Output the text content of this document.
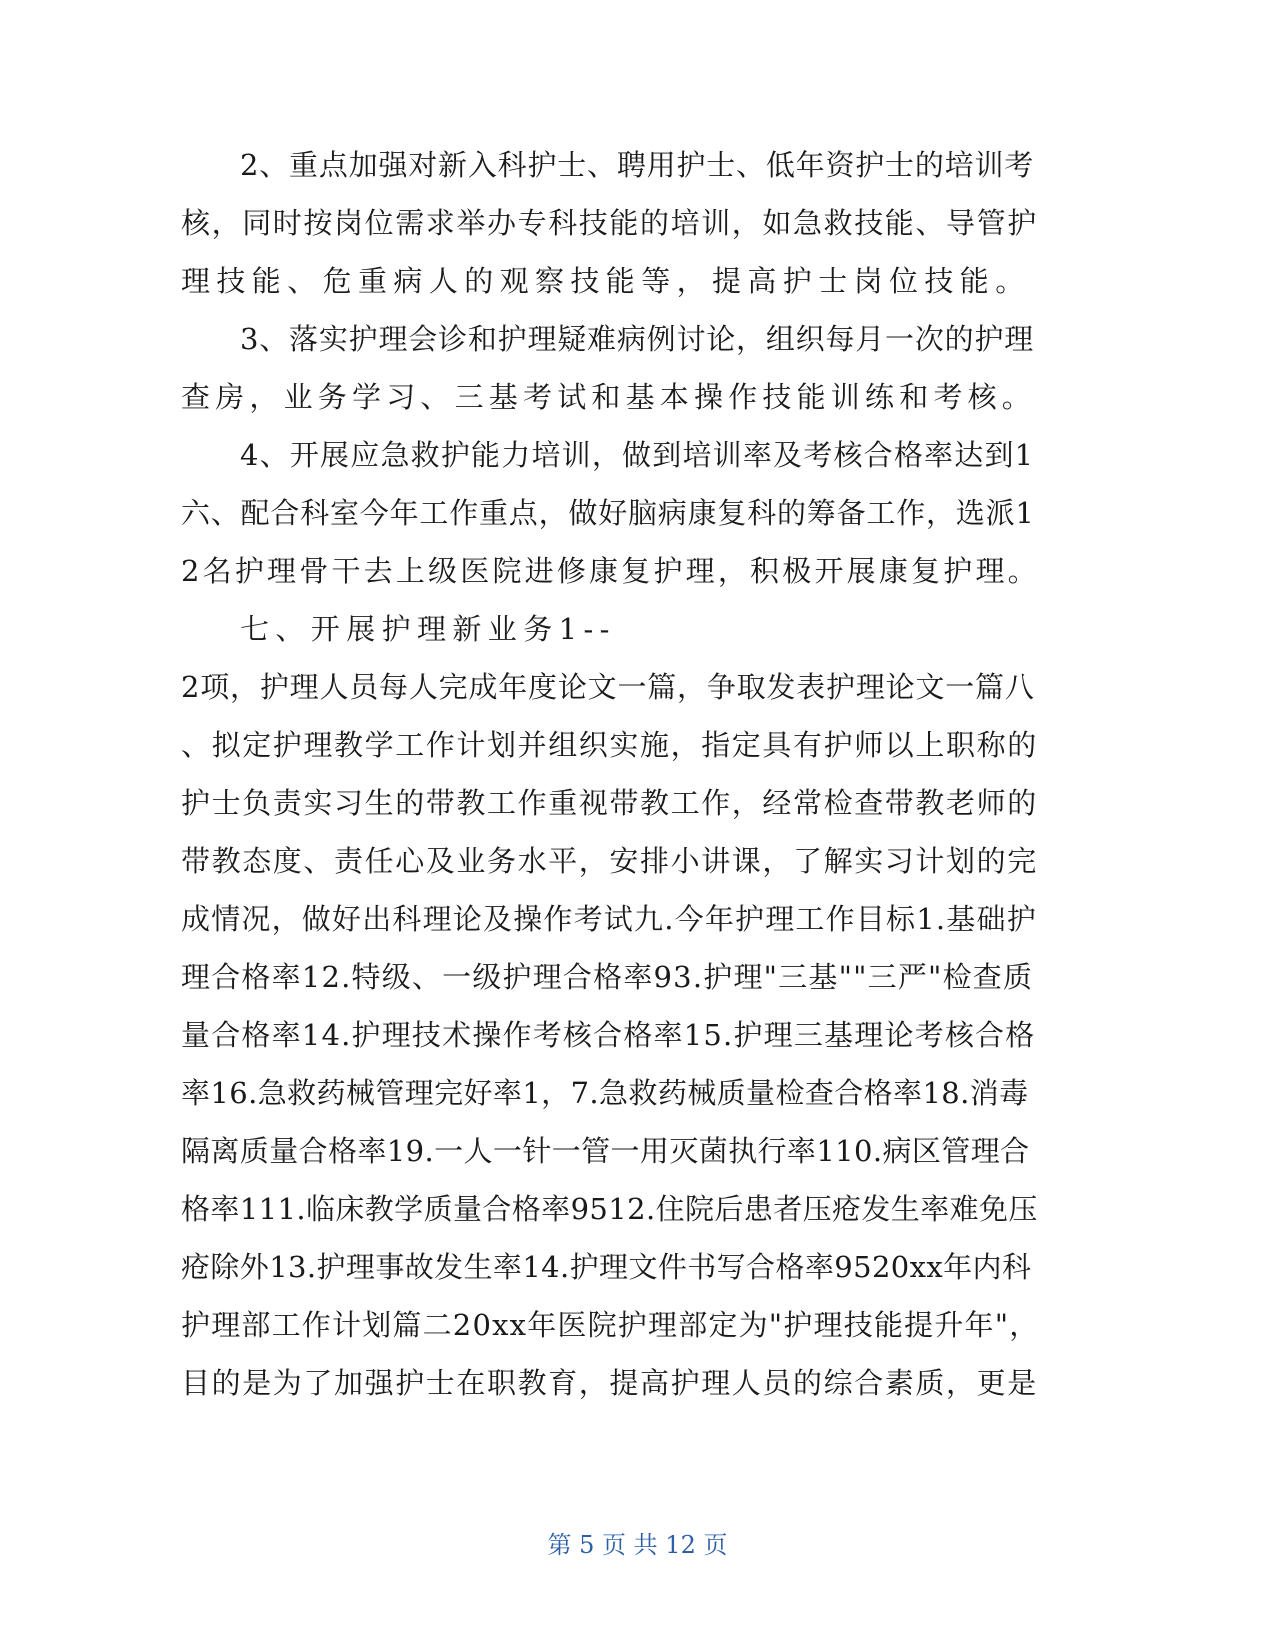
2、重点加强对新入科护士、聘用护士、低年资护士的培训考
核，同时按岗位需求举办专科技能的培训，如急救技能、导管护
理技能、危重病人的观察技能等，提高护士岗位技能。
3、落实护理会诊和护理疑难病例讨论，组织每月一次的护理
查房，业务学习、三基考试和基本操作技能训练和考核。
4、开展应急救护能力培训，做到培训率及考核合格率达到1
六、配合科室今年工作重点，做好脑病康复科的筹备工作，选派1
2名护理骨干去上级医院进修康复护理，积极开展康复护理。
七、开展护理新业务1--
2项，护理人员每人完成年度论文一篇，争取发表护理论文一篇八
、拟定护理教学工作计划并组织实施，指定具有护师以上职称的
护士负责实习生的带教工作重视带教工作，经常检查带教老师的
带教态度、责任心及业务水平，安排小讲课，了解实习计划的完
成情况，做好出科理论及操作考试九.今年护理工作目标1.基础护
理合格率12.特级、一级护理合格率93.护理"三基""三严"检查质
量合格率14.护理技术操作考核合格率15.护理三基理论考核合格
率16.急救药械管理完好率1，7.急救药械质量检查合格率18.消毒
隔离质量合格率19.一人一针一管一用灭菌执行率110.病区管理合
格率111.临床教学质量合格率9512.住院后患者压疮发生率难免压
疮除外13.护理事故发生率14.护理文件书写合格率9520xx年内科
护理部工作计划篇二20xx年医院护理部定为"护理技能提升年"，
目的是为了加强护士在职教育，提高护理人员的综合素质，更是
第 5 页 共 12 页
